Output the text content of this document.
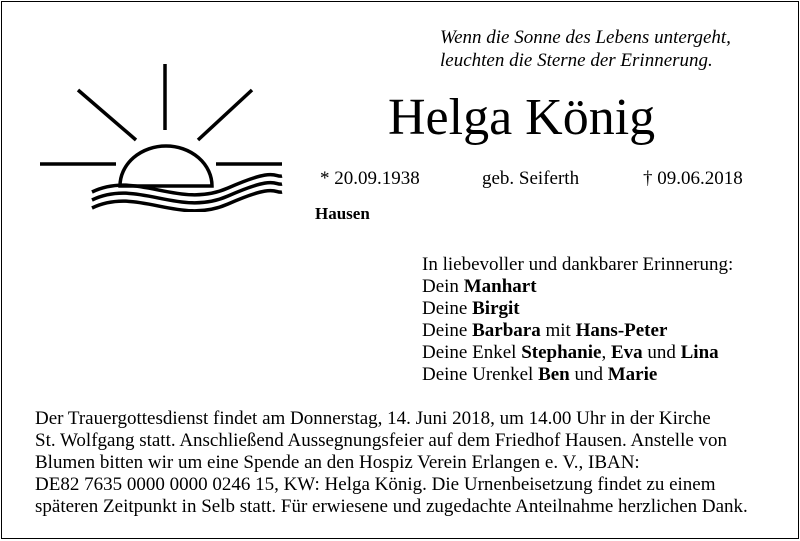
Wenn die Sonne des Lebens untergeht,
leuchten die Sterne der Erinnerung.
Helga König
* 20.09.1938	geb. Seiferth	† 09.06.2018
Hausen
In liebevoller und dankbarer Erinnerung:
Dein Manhart
Deine Birgit
Deine Barbara mit Hans-Peter
Deine Enkel Stephanie, Eva und Lina
Deine Urenkel Ben und Marie
Der Trauergottesdienst findet am Donnerstag, 14. Juni 2018, um 14.00 Uhr in der Kirche
St. Wolfgang statt. Anschließend Aussegnungsfeier auf dem Friedhof Hausen. Anstelle von
Blumen bitten wir um eine Spende an den Hospiz Verein Erlangen e. V., IBAN:
DE82 7635 0000 0000 0246 15, KW: Helga König. Die Urnenbeisetzung findet zu einem
späteren Zeitpunkt in Selb statt. Für erwiesene und zugedachte Anteilnahme herzlichen Dank.
